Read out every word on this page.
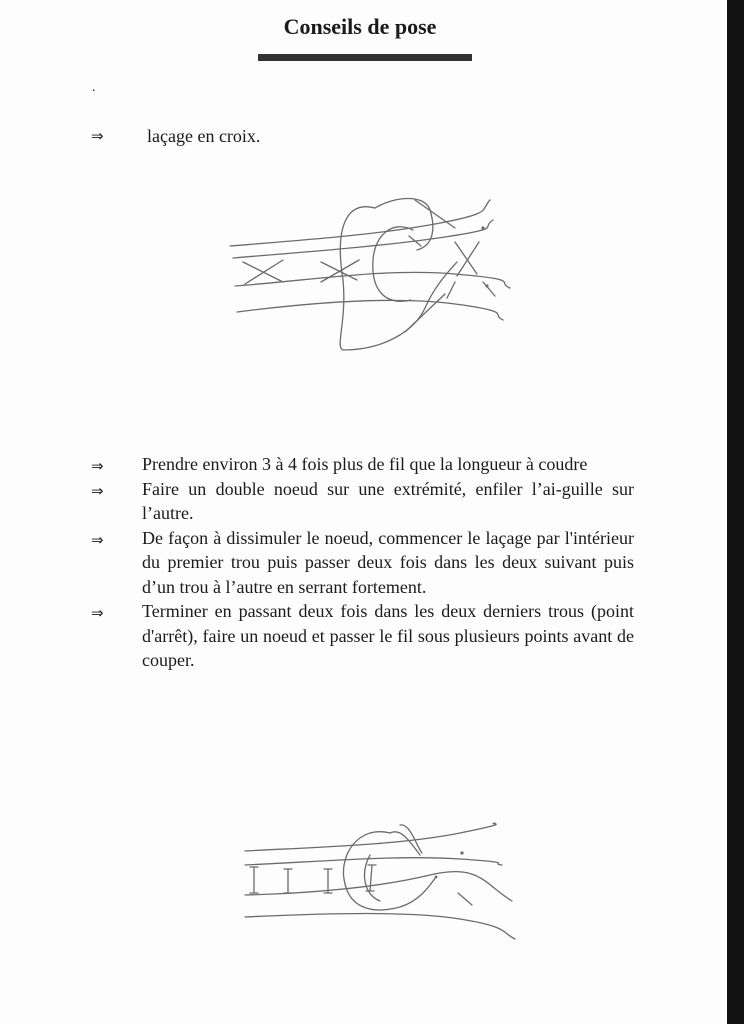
Conseils de pose
.
⇒ laçage en croix.
⇒ Prendre environ 3 à 4 fois plus de fil que la longueur à coudre
⇒ Faire un double noeud sur une extrémité, enfiler l’ai-guille sur l’autre.
⇒ De façon à dissimuler le noeud, commencer le laçage par l'intérieur du premier trou puis passer deux fois dans les deux suivant puis d’un trou à l’autre en serrant fortement.
⇒ Terminer en passant deux fois dans les deux derniers trous (point d'arrêt), faire un noeud et passer le fil sous plusieurs points avant de couper.
